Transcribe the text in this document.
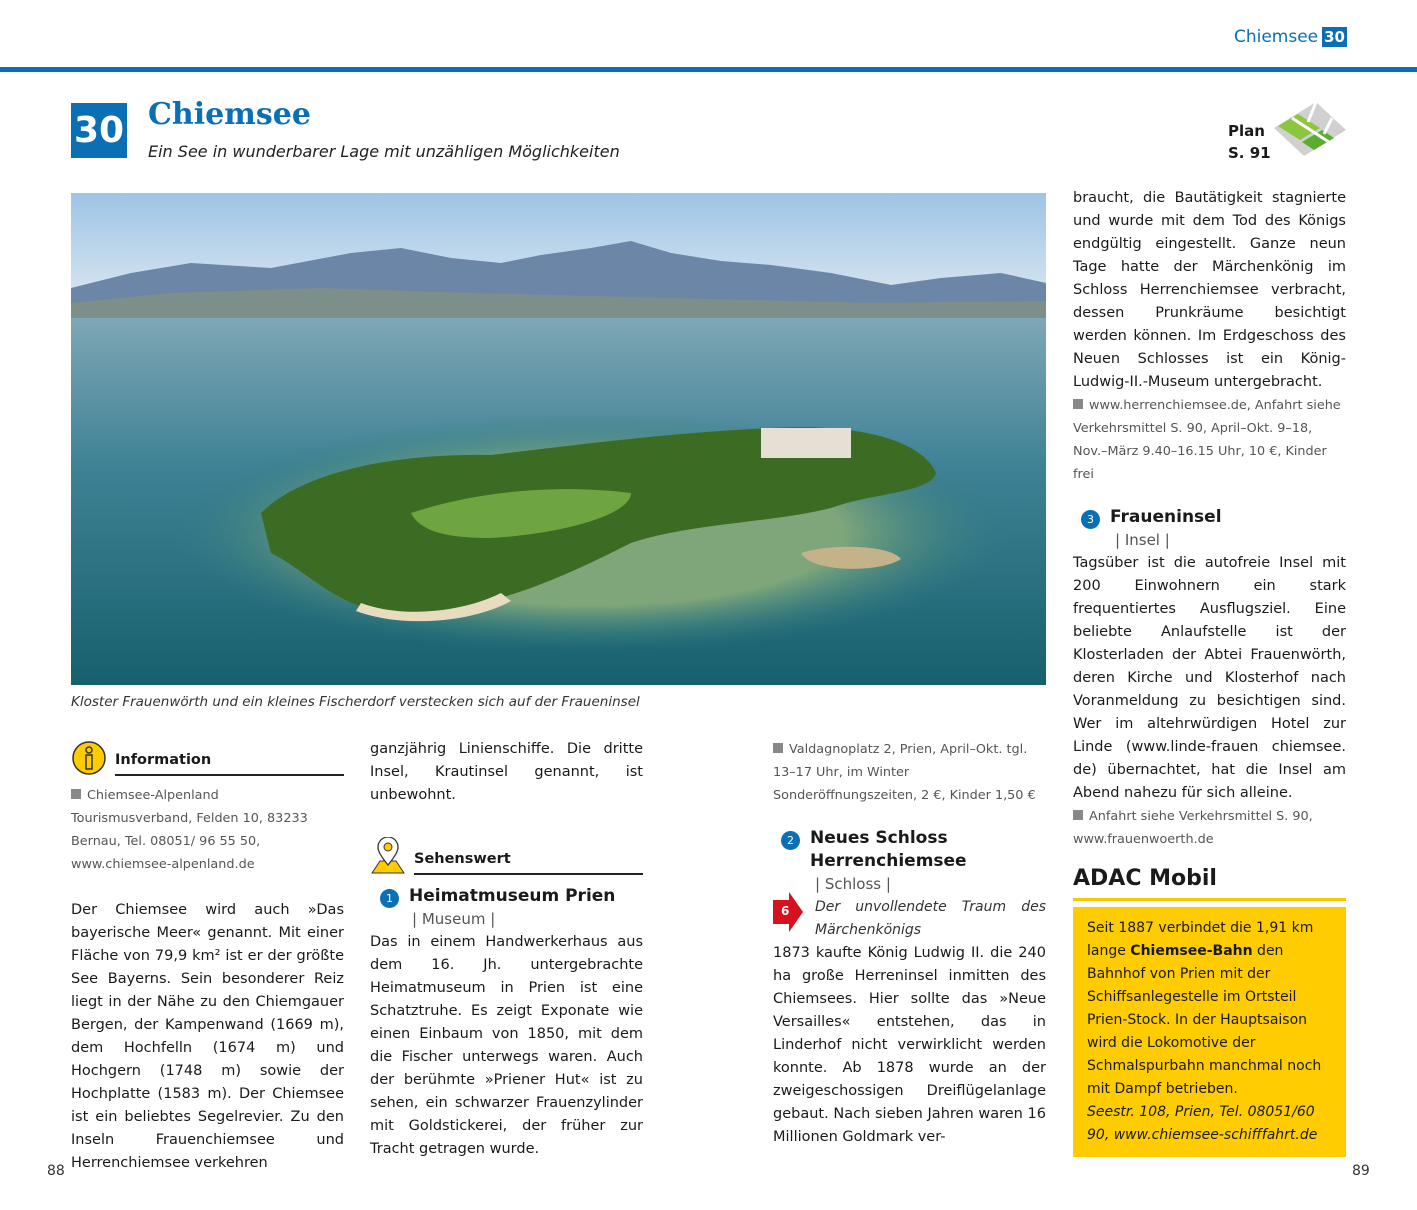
Chiemsee 30
30 Chiemsee
Ein See in wunderbarer Lage mit unzähligen Möglichkeiten
Plan
S. 91
Kloster Frauenwörth und ein kleines Fischerdorf verstecken sich auf der Fraueninsel
Information

Chiemsee-Alpenland Tourismusverband, Felden 10, 83233 Bernau, Tel. 08051/ 96 55 50, www.chiemsee-alpenland.de

Der Chiemsee wird auch »Das bayerische Meer« genannt. Mit einer Fläche von 79,9 km² ist er der größte See Bayerns. Sein besonderer Reiz liegt in der Nähe zu den Chiemgauer Bergen, der Kampenwand (1669 m), dem Hochfelln (1674 m) und Hochgern (1748 m) sowie der Hochplatte (1583 m). Der Chiemsee ist ein beliebtes Segelrevier. Zu den Inseln Frauenchiemsee und Herrenchiemsee verkehren

ganzjährig Linienschiffe. Die dritte Insel, Krautinsel genannt, ist unbewohnt.

Sehenswert
1 Heimatmuseum Prien
| Museum |

Das in einem Handwerkerhaus aus dem 16. Jh. untergebrachte Heimatmuseum in Prien ist eine Schatztruhe. Es zeigt Exponate wie einen Einbaum von 1850, mit dem die Fischer unterwegs waren. Auch der berühmte »Priener Hut« ist zu sehen, ein schwarzer Frauenzylinder mit Goldstickerei, der früher zur Tracht getragen wurde.

Valdagnoplatz 2, Prien, April–Okt. tgl. 13–17 Uhr, im Winter Sonderöffnungszeiten, 2 €, Kinder 1,50 €

2 Neues Schloss Herrenchiemsee
| Schloss |
6 Der unvollendete Traum des Märchenkönigs

1873 kaufte König Ludwig II. die 240 ha große Herreninsel inmitten des Chiemsees. Hier sollte das »Neue Versailles« entstehen, das in Linderhof nicht verwirklicht werden konnte. Ab 1878 wurde an der zweigeschossigen Dreiflügelanlage gebaut. Nach sieben Jahren waren 16 Millionen Goldmark ver-

braucht, die Bautätigkeit stagnierte und wurde mit dem Tod des Königs endgültig eingestellt. Ganze neun Tage hatte der Märchenkönig im Schloss Herrenchiemsee verbracht, dessen Prunkräume besichtigt werden können. Im Erdgeschoss des Neuen Schlosses ist ein König-Ludwig-II.-Museum untergebracht.

www.herrenchiemsee.de, Anfahrt siehe Verkehrsmittel S. 90, April–Okt. 9–18, Nov.–März 9.40–16.15 Uhr, 10 €, Kinder frei

3 Fraueninsel
| Insel |

Tagsüber ist die autofreie Insel mit 200 Einwohnern ein stark frequentiertes Ausflugsziel. Eine beliebte Anlaufstelle ist der Klosterladen der Abtei Frauenwörth, deren Kirche und Klosterhof nach Voranmeldung zu besichtigen sind. Wer im altehrwürdigen Hotel zur Linde (www.linde-frauen chiemsee. de) übernachtet, hat die Insel am Abend nahezu für sich alleine.

Anfahrt siehe Verkehrsmittel S. 90, www.frauenwoerth.de

ADAC Mobil
Seit 1887 verbindet die 1,91 km lange Chiemsee-Bahn den Bahnhof von Prien mit der Schiffsanlegestelle im Ortsteil Prien-Stock. In der Hauptsaison wird die Lokomotive der Schmalspurbahn manchmal noch mit Dampf betrieben.
Seestr. 108, Prien, Tel. 08051/60 90, www.chiemsee-schifffahrt.de
88	89
